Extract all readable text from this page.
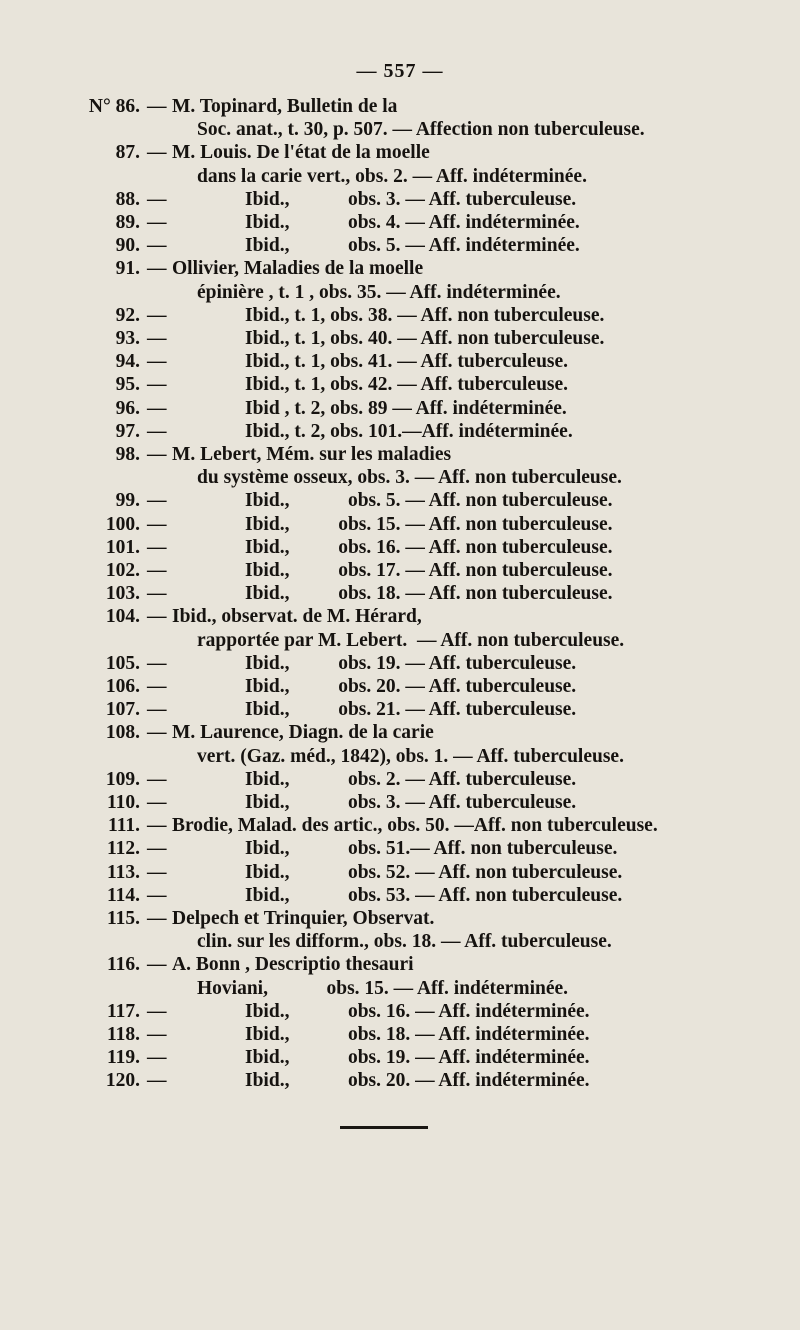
— 557 —
N° 86. — M. Topinard, Bulletin de la
Soc. anat., t. 30, p. 507. — Affection non tuberculeuse.
87. — M. Louis. De l'état de la moelle
dans la carie vert., obs. 2. — Aff. indéterminée.
88. —	Ibid.,            obs. 3. — Aff. tuberculeuse.
89. —	Ibid.,            obs. 4. — Aff. indéterminée.
90. —	Ibid.,            obs. 5. — Aff. indéterminée.
91. — Ollivier, Maladies de la moelle
épinière , t. 1 , obs. 35. — Aff. indéterminée.
92. —	Ibid., t. 1, obs. 38. — Aff. non tuberculeuse.
93. —	Ibid., t. 1, obs. 40. — Aff. non tuberculeuse.
94. —	Ibid., t. 1, obs. 41. — Aff. tuberculeuse.
95. —	Ibid., t. 1, obs. 42. — Aff. tuberculeuse.
96. —	Ibid , t. 2, obs. 89 — Aff. indéterminée.
97. —	Ibid., t. 2, obs. 101.—Aff. indéterminée.
98. — M. Lebert, Mém. sur les maladies
du système osseux, obs. 3. — Aff. non tuberculeuse.
99. —	Ibid.,            obs. 5. — Aff. non tuberculeuse.
100. —	Ibid.,          obs. 15. — Aff. non tuberculeuse.
101. —	Ibid.,          obs. 16. — Aff. non tuberculeuse.
102. —	Ibid.,          obs. 17. — Aff. non tuberculeuse.
103. —	Ibid.,          obs. 18. — Aff. non tuberculeuse.
104. — Ibid., observat. de M. Hérard,
rapportée par M. Lebert.  — Aff. non tuberculeuse.
105. —	Ibid.,          obs. 19. — Aff. tuberculeuse.
106. —	Ibid.,          obs. 20. — Aff. tuberculeuse.
107. —	Ibid.,          obs. 21. — Aff. tuberculeuse.
108. — M. Laurence, Diagn. de la carie
vert. (Gaz. méd., 1842), obs. 1. — Aff. tuberculeuse.
109. —	Ibid.,            obs. 2. — Aff. tuberculeuse.
110. —	Ibid.,            obs. 3. — Aff. tuberculeuse.
111. — Brodie, Malad. des artic., obs. 50. —Aff. non tuberculeuse.
112. —	Ibid.,            obs. 51.— Aff. non tuberculeuse.
113. —	Ibid.,            obs. 52. — Aff. non tuberculeuse.
114. —	Ibid.,            obs. 53. — Aff. non tuberculeuse.
115. — Delpech et Trinquier, Observat.
clin. sur les difform., obs. 18. — Aff. tuberculeuse.
116. — A. Bonn , Descriptio thesauri
Hoviani,            obs. 15. — Aff. indéterminée.
117. —	Ibid.,            obs. 16. — Aff. indéterminée.
118. —	Ibid.,            obs. 18. — Aff. indéterminée.
119. —	Ibid.,            obs. 19. — Aff. indéterminée.
120. —	Ibid.,            obs. 20. — Aff. indéterminée.
